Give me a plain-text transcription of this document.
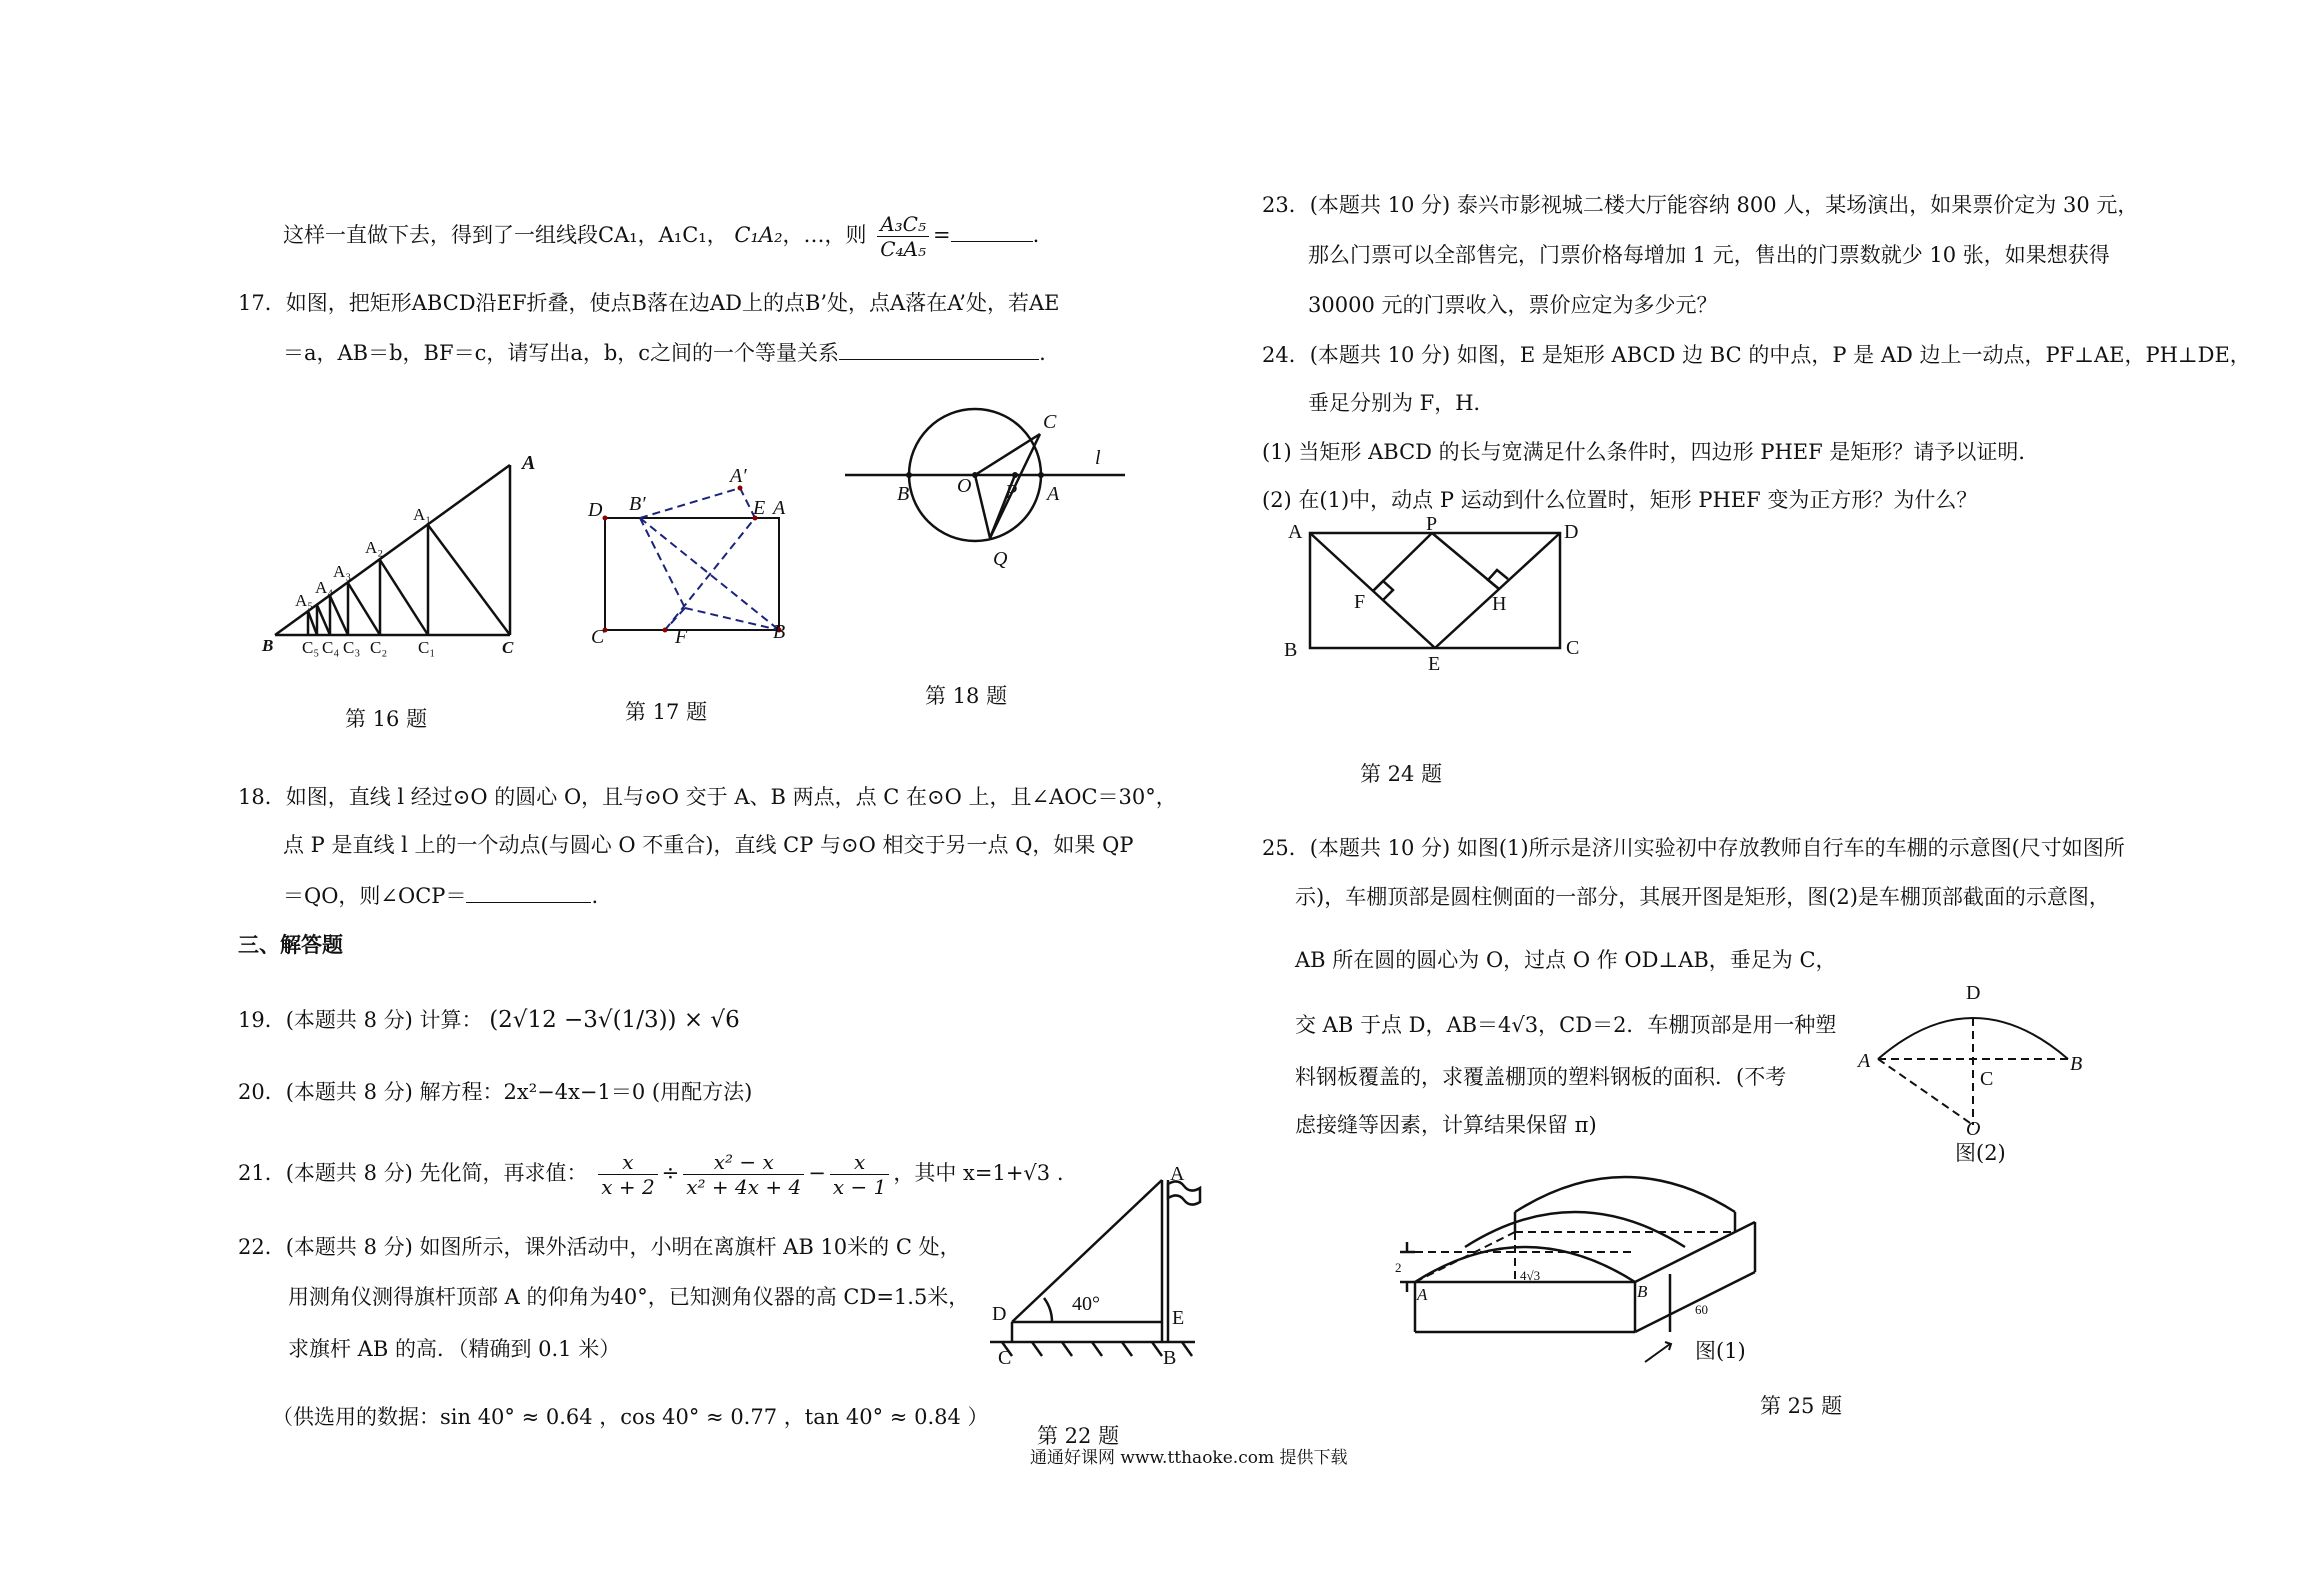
这样一直做下去，得到了一组线段CA₁，A₁C₁， C₁A₂，…，则 $\frac{\text{A₃C₅}}{\text{C₄A₅}}$ =	.
17．如图，把矩形ABCD沿EF折叠，使点B落在边AD上的点B’处，点A落在A’处，若AE
＝a，AB＝b，BF＝c，请写出a，b，c之间的一个等量关系	.
A
A₁
A₂
A₃
A₄
A₅
B C₅ C₄ C₃ C₂ C₁	C
第 16 题
D B′
A′
E A
C	F	B
第 17 题
C
l
B O P A
Q
第 18 题
18．如图，直线 l 经过⊙O 的圆心 O，且与⊙O 交于 A、B 两点，点 C 在⊙O 上，且∠AOC＝30°，
点 P 是直线 l 上的一个动点(与圆心 O 不重合)，直线 CP 与⊙O 相交于另一点 Q，如果 QP
＝QO，则∠OCP＝	.
三、解答题
19．(本题共 8 分) 计算： (2√12 −3√(1/3)) × √6
20．(本题共 8 分) 解方程：2x²−4x−1＝0 (用配方法)
21．(本题共 8 分) 先化简，再求值： $\frac{x}{x + 2} \div \frac{\text{x² − x}}{\text{x² + 4x + 4}} - \frac{x}{x - 1}$ ，其中 x=1+√3 .
22．(本题共 8 分) 如图所示，课外活动中，小明在离旗杆 AB 10米的 C 处，
用测角仪测得旗杆顶部 A 的仰角为40°，已知测角仪器的高 CD=1.5米，
求旗杆 AB 的高．（精确到 0.1 米）
（供选用的数据：sin 40° ≈ 0.64 ，cos 40° ≈ 0.77 ，tan 40° ≈ 0.84 ）
A
D	40°
E
C	B
第 22 题
23．(本题共 10 分) 泰兴市影视城二楼大厅能容纳 800 人，某场演出，如果票价定为 30 元，
那么门票可以全部售完，门票价格每增加 1 元，售出的门票数就少 10 张，如果想获得
30000 元的门票收入，票价应定为多少元？
24．(本题共 10 分) 如图，E 是矩形 ABCD 边 BC 的中点，P 是 AD 边上一动点，PF⊥AE，PH⊥DE，
垂足分别为 F，H．
(1) 当矩形 ABCD 的长与宽满足什么条件时，四边形 PHEF 是矩形？请予以证明．
(2) 在(1)中，动点 P 运动到什么位置时，矩形 PHEF 变为正方形？为什么？
A	P	D
F	H
B
E
C
第 24 题
25．(本题共 10 分) 如图(1)所示是济川实验初中存放教师自行车的车棚的示意图(尺寸如图所
示)，车棚顶部是圆柱侧面的一部分，其展开图是矩形，图(2)是车棚顶部截面的示意图，
AB 所在圆的圆心为 O，过点 O 作 OD⊥AB，垂足为 C，
交 AB 于点 D，AB＝4√3，CD＝2．车棚顶部是用一种塑
料钢板覆盖的，求覆盖棚顶的塑料钢板的面积．(不考
虑接缝等因素，计算结果保留 π)
D
A
C
B
O
图(2)
2
A
4√3
B
60
图(1)
第 25 题
通通好课网 www.tthaoke.com 提供下载
